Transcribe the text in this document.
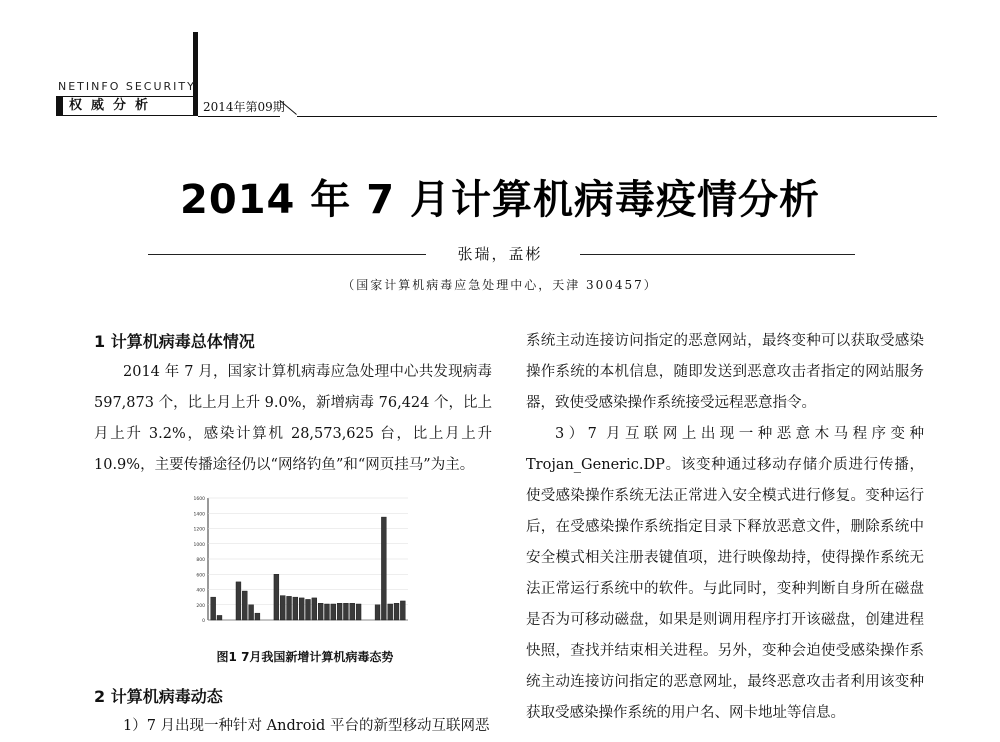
NETINFO SECURITY
权威分析	2014年第09期
2014 年 7 月计算机病毒疫情分析
张瑞，孟彬
（国家计算机病毒应急处理中心，天津 300457）
1 计算机病毒总体情况

2014 年 7 月，国家计算机病毒应急处理中心共发现病毒 597,873 个，比上月上升 9.0%，新增病毒 76,424 个，比上月上升 3.2%，感染计算机 28,573,625 台，比上月上升 10.9%，主要传播途径仍以“网络钓鱼”和“网页挂马”为主。

0
200
400
600
800
1000
1200
1400
1600
图1 7月我国新增计算机病毒态势
2 计算机病毒动态
1）7 月出现一种针对 Android 平台的新型移动互联网恶

系统主动连接访问指定的恶意网站，最终变种可以获取受感染操作系统的本机信息，随即发送到恶意攻击者指定的网站服务器，致使受感染操作系统接受远程恶意指令。

3）7 月互联网上出现一种恶意木马程序变种 Trojan_Generic.DP。该变种通过移动存储介质进行传播，使受感染操作系统无法正常进入安全模式进行修复。变种运行后，在受感染操作系统指定目录下释放恶意文件，删除系统中安全模式相关注册表键值项，进行映像劫持，使得操作系统无法正常运行系统中的软件。与此同时，变种判断自身所在磁盘是否为可移动磁盘，如果是则调用程序打开该磁盘，创建进程快照，查找并结束相关进程。另外，变种会迫使受感染操作系统主动连接访问指定的恶意网址，最终恶意攻击者利用该变种获取受感染操作系统的用户名、网卡地址等信息。
